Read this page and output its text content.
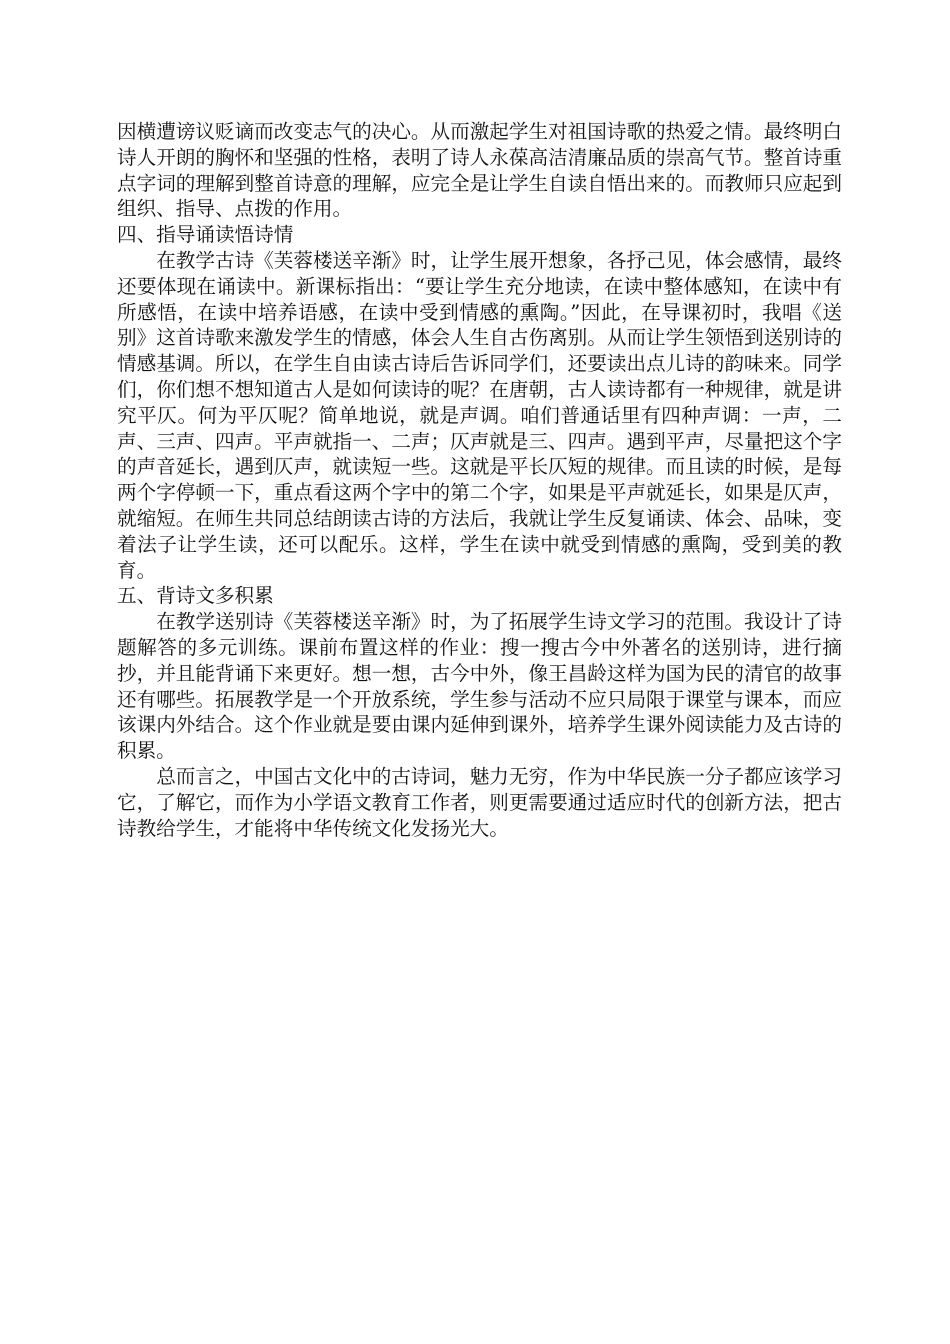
因横遭谤议贬谪而改变志气的决心。从而激起学生对祖国诗歌的热爱之情。最终明白诗人开朗的胸怀和坚强的性格，表明了诗人永葆高洁清廉品质的崇高气节。整首诗重点字词的理解到整首诗意的理解，应完全是让学生自读自悟出来的。而教师只应起到组织、指导、点拨的作用。

四、指导诵读悟诗情

在教学古诗《芙蓉楼送辛渐》时，让学生展开想象，各抒己见，体会感情，最终还要体现在诵读中。新课标指出：“要让学生充分地读，在读中整体感知，在读中有所感悟，在读中培养语感，在读中受到情感的熏陶。”因此，在导课初时，我唱《送别》这首诗歌来激发学生的情感，体会人生自古伤离别。从而让学生领悟到送别诗的情感基调。所以，在学生自由读古诗后告诉同学们，还要读出点儿诗的韵味来。同学们，你们想不想知道古人是如何读诗的呢？在唐朝，古人读诗都有一种规律，就是讲究平仄。何为平仄呢？简单地说，就是声调。咱们普通话里有四种声调：一声，二声、三声、四声。平声就指一、二声；仄声就是三、四声。遇到平声，尽量把这个字的声音延长，遇到仄声，就读短一些。这就是平长仄短的规律。而且读的时候，是每两个字停顿一下，重点看这两个字中的第二个字，如果是平声就延长，如果是仄声，就缩短。在师生共同总结朗读古诗的方法后，我就让学生反复诵读、体会、品味，变着法子让学生读，还可以配乐。这样，学生在读中就受到情感的熏陶，受到美的教育。

五、背诗文多积累

在教学送别诗《芙蓉楼送辛渐》时，为了拓展学生诗文学习的范围。我设计了诗题解答的多元训练。课前布置这样的作业：搜一搜古今中外著名的送别诗，进行摘抄，并且能背诵下来更好。想一想，古今中外，像王昌龄这样为国为民的清官的故事还有哪些。拓展教学是一个开放系统，学生参与活动不应只局限于课堂与课本，而应该课内外结合。这个作业就是要由课内延伸到课外，培养学生课外阅读能力及古诗的积累。

总而言之，中国古文化中的古诗词，魅力无穷，作为中华民族一分子都应该学习它，了解它，而作为小学语文教育工作者，则更需要通过适应时代的创新方法，把古诗教给学生，才能将中华传统文化发扬光大。
